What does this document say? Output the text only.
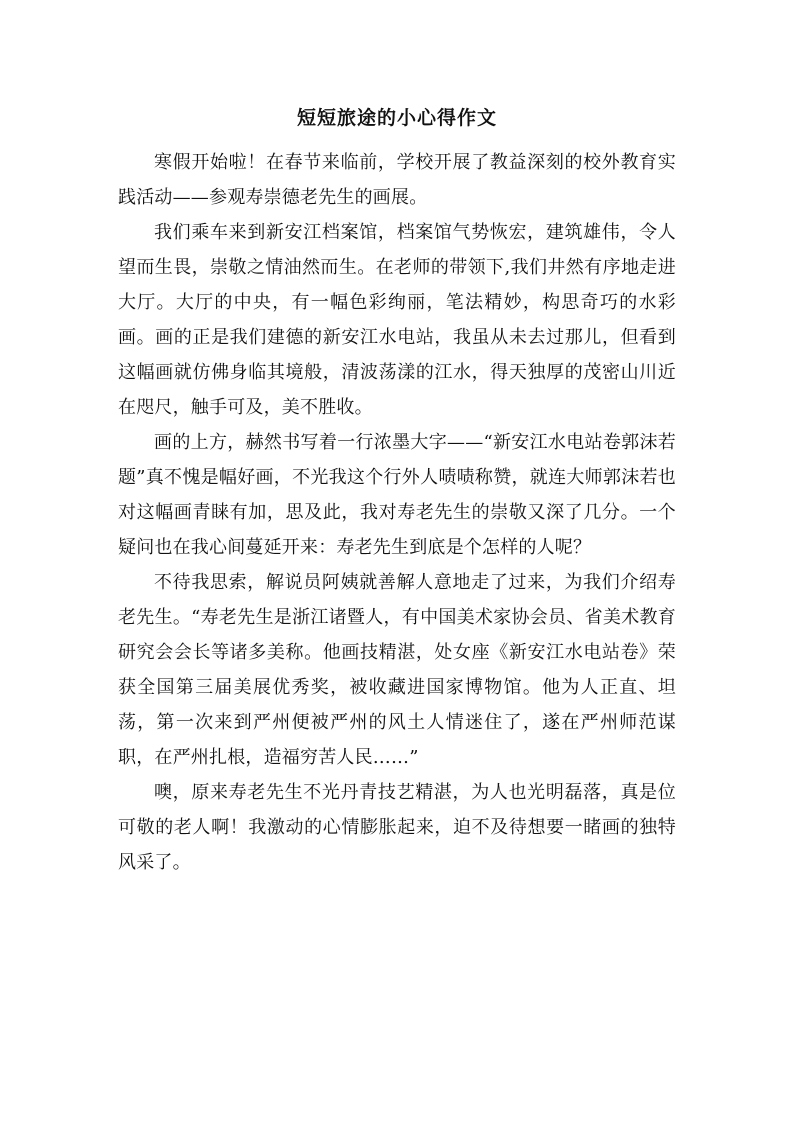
短短旅途的小心得作文

寒假开始啦！在春节来临前，学校开展了教益深刻的校外教育实践活动——参观寿崇德老先生的画展。

我们乘车来到新安江档案馆，档案馆气势恢宏，建筑雄伟，令人望而生畏，崇敬之情油然而生。在老师的带领下,我们井然有序地走进大厅。大厅的中央，有一幅色彩绚丽，笔法精妙，构思奇巧的水彩画。画的正是我们建德的新安江水电站，我虽从未去过那儿，但看到这幅画就仿佛身临其境般，清波荡漾的江水，得天独厚的茂密山川近在咫尺，触手可及，美不胜收。

画的上方，赫然书写着一行浓墨大字——“新安江水电站卷郭沫若题”真不愧是幅好画，不光我这个行外人啧啧称赞，就连大师郭沫若也对这幅画青睐有加，思及此，我对寿老先生的崇敬又深了几分。一个疑问也在我心间蔓延开来：寿老先生到底是个怎样的人呢？

不待我思索，解说员阿姨就善解人意地走了过来，为我们介绍寿老先生。“寿老先生是浙江诸暨人，有中国美术家协会员、省美术教育研究会会长等诸多美称。他画技精湛，处女座《新安江水电站卷》荣获全国第三届美展优秀奖，被收藏进国家博物馆。他为人正直、坦荡，第一次来到严州便被严州的风土人情迷住了，遂在严州师范谋职，在严州扎根，造福穷苦人民……”

噢，原来寿老先生不光丹青技艺精湛，为人也光明磊落，真是位可敬的老人啊！我激动的心情膨胀起来，迫不及待想要一睹画的独特风采了。
